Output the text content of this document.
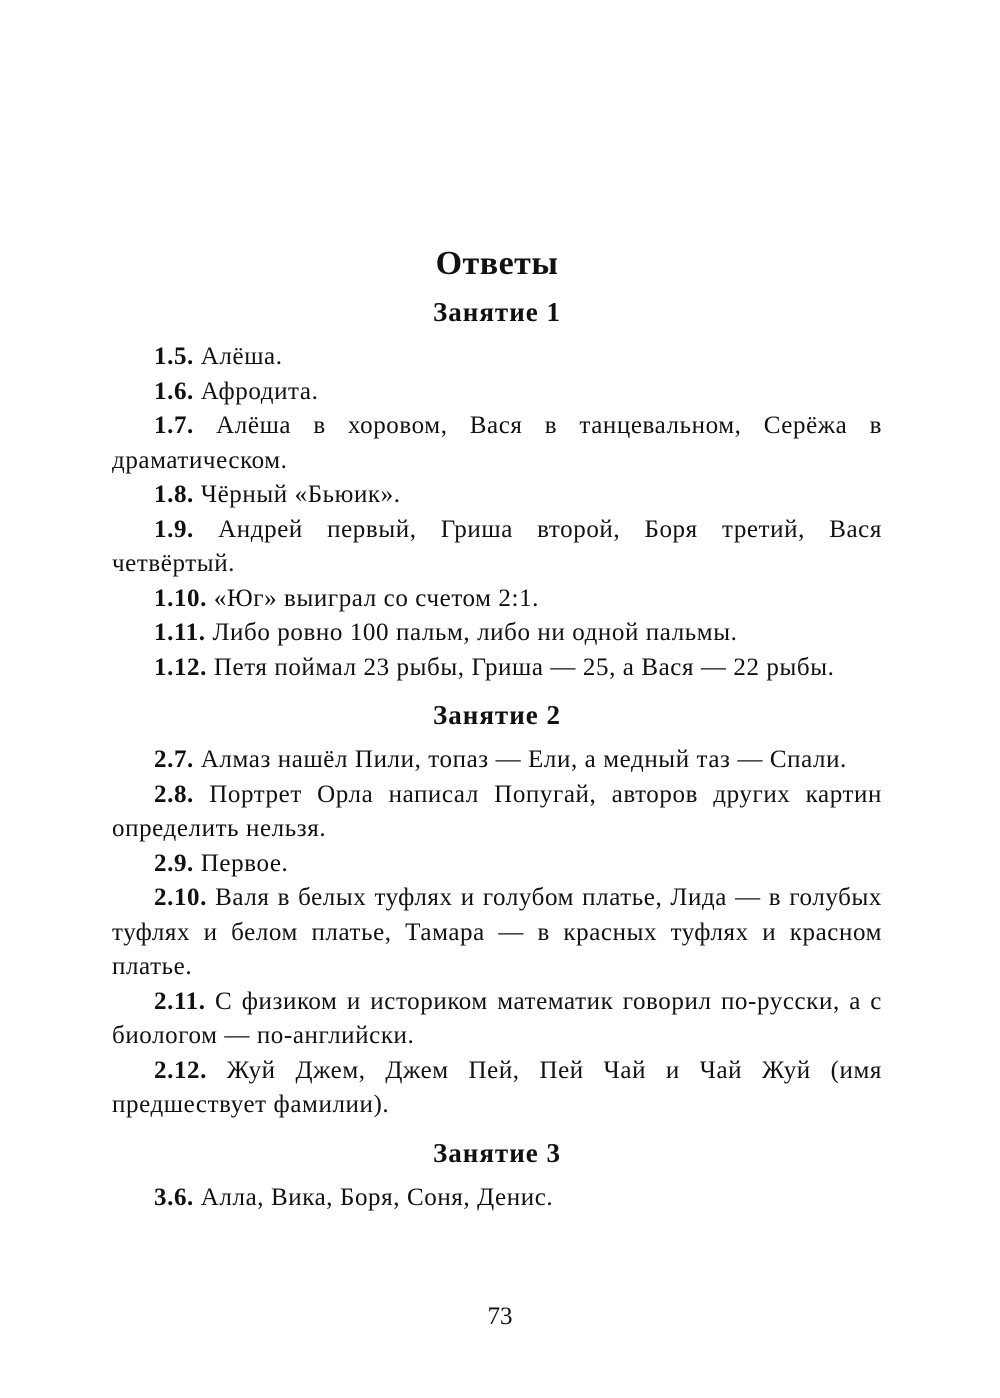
Ответы
Занятие 1

1.5. Алёша.

1.6. Афродита.

1.7. Алёша в хоровом, Вася в танцевальном, Серёжа в драматическом.

1.8. Чёрный «Бьюик».

1.9. Андрей первый, Гриша второй, Боря третий, Вася четвёртый.

1.10. «Юг» выиграл со счетом 2:1.

1.11. Либо ровно 100 пальм, либо ни одной пальмы.

1.12. Петя поймал 23 рыбы, Гриша — 25, а Вася — 22 рыбы.

Занятие 2

2.7. Алмаз нашёл Пили, топаз — Ели, а медный таз — Спали.

2.8. Портрет Орла написал Попугай, авторов других картин определить нельзя.

2.9. Первое.

2.10. Валя в белых туфлях и голубом платье, Лида — в голубых туфлях и белом платье, Тамара — в красных туфлях и красном платье.

2.11. С физиком и историком математик говорил по-русски, а с биологом — по-английски.

2.12. Жуй Джем, Джем Пей, Пей Чай и Чай Жуй (имя предшествует фамилии).

Занятие 3

3.6. Алла, Вика, Боря, Соня, Денис.

73
